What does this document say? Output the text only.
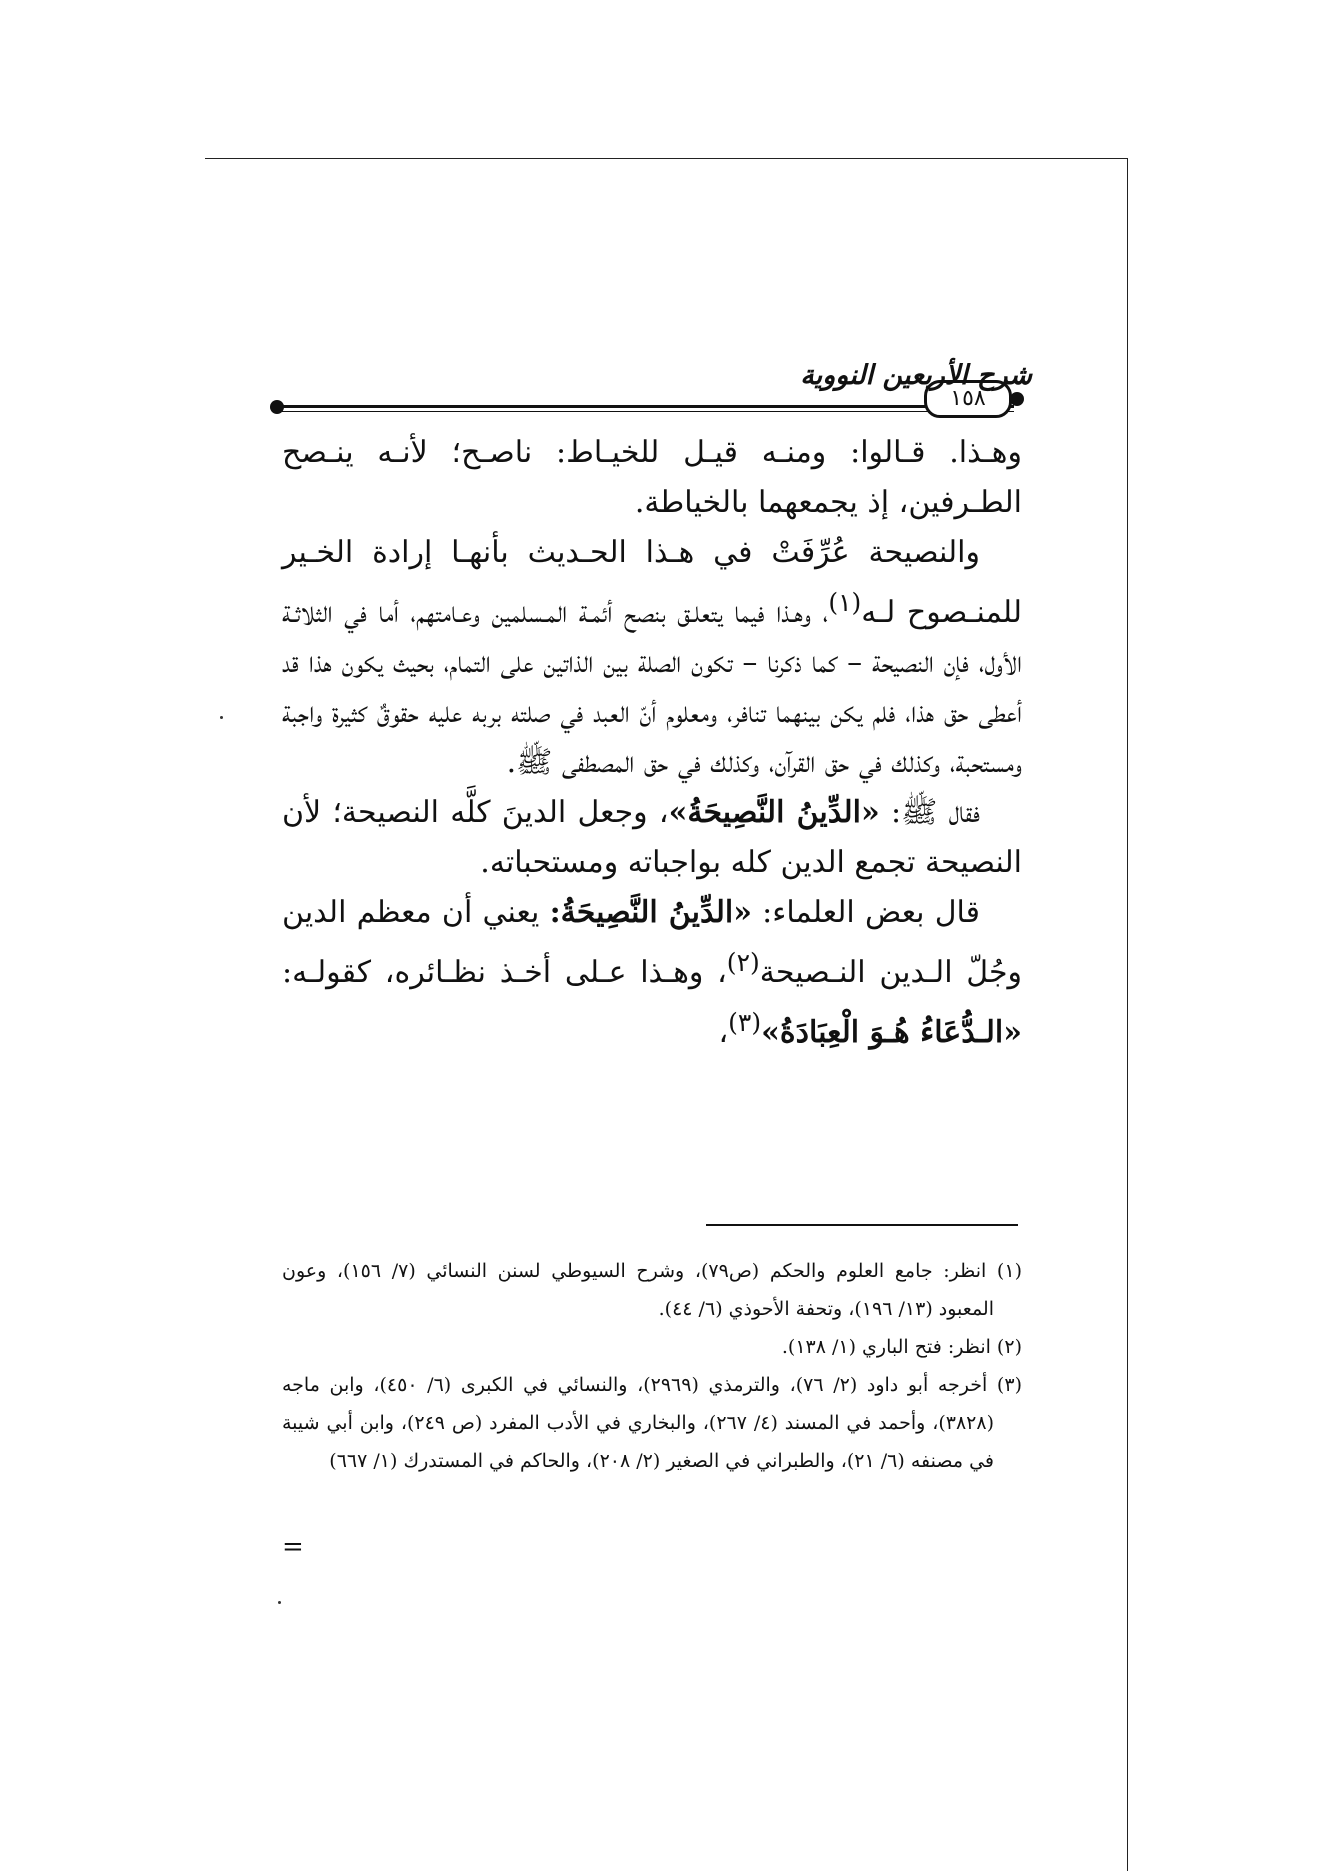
١٥٨
شرح الأربعين النووية

وهـذا. قـالوا: ومنـه قيـل للخيـاط: ناصـح؛ لأنـه ينـصح الطـرفين، إذ يجمعهما بالخياطة.

والنصيحة عُرِّفَتْ في هـذا الحـديث بأنهـا إرادة الخـير للمنـصوح لـه$^{(١)}$، وهـذا فيما يتعلـق بنصح أئمـة المـسلمين وعـامتهم، أما في الثلاثـة الأول، فإن النصيحة – كما ذكرنا – تكون الصلة بين الذاتين على التمام، بحيث يكون هذا قد أعطى حق هذا، فلم يكن بينهما تنافر، ومعلوم أنّ العبد في صلته بربه عليه حقوقٌ كثيرة واجبة ومستحبة، وكذلك في حق القرآن، وكذلك في حق المصطفى ﷺ.

فقال ﷺ: «الدِّينُ النَّصِيحَةُ»، وجعل الدينَ كلَّه النصيحة؛ لأن النصيحة تجمع الدين كله بواجباته ومستحباته.

قال بعض العلماء: «الدِّينُ النَّصِيحَةُ: يعني أن معظم الدين وجُلّ الـدين النـصيحة$^{(٢)}$، وهـذا عـلى أخـذ نظـائره، كقولـه: «الـدُّعَاءُ هُـوَ الْعِبَادَةُ»$^{(٣)}$،

(١) انظر: جامع العلوم والحكم (ص٧٩)، وشرح السيوطي لسنن النسائي (٧/ ١٥٦)، وعون المعبود (١٣/ ١٩٦)، وتحفة الأحوذي (٦/ ٤٤).

(٢) انظر: فتح الباري (١/ ١٣٨).

(٣) أخرجه أبو داود (٢/ ٧٦)، والترمذي (٢٩٦٩)، والنسائي في الكبرى (٦/ ٤٥٠)، وابن ماجه (٣٨٢٨)، وأحمد في المسند (٤/ ٢٦٧)، والبخاري في الأدب المفرد (ص ٢٤٩)، وابن أبي شيبة في مصنفه (٦/ ٢١)، والطبراني في الصغير (٢/ ٢٠٨)، والحاكم في المستدرك (١/ ٦٦٧)

=
